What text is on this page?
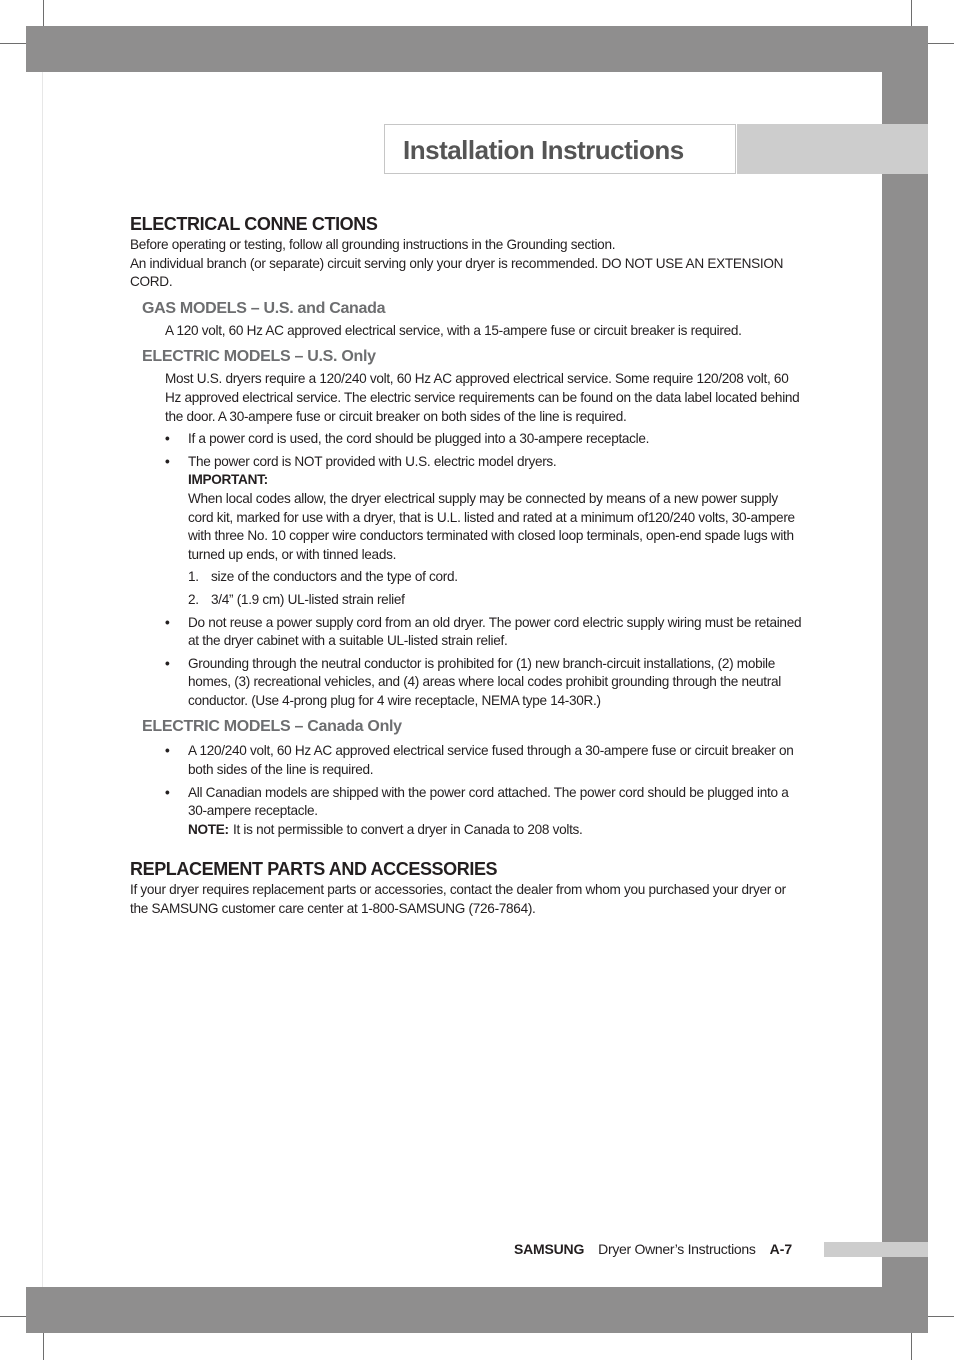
Installation Instructions
ELECTRICAL CONNE CTIONS

Before operating or testing, follow all grounding instructions in the Grounding section.

An individual branch (or separate) circuit serving only your dryer is recommended. DO NOT USE AN EXTENSION CORD.

GAS MODELS – U.S. and Canada

A 120 volt, 60 Hz AC approved electrical service, with a 15-ampere fuse or circuit breaker is required.

ELECTRIC MODELS – U.S. Only

Most U.S. dryers require a 120/240 volt, 60 Hz AC approved electrical service. Some require 120/208 volt, 60 Hz approved electrical service. The electric service requirements can be found on the data label located behind the door. A 30-ampere fuse or circuit breaker on both sides of the line is required.

• If a power cord is used, the cord should be plugged into a 30-ampere receptacle.
• The power cord is NOT provided with U.S. electric model dryers.
IMPORTANT:
When local codes allow, the dryer electrical supply may be connected by means of a new power supply cord kit, marked for use with a dryer, that is U.L. listed and rated at a minimum of120/240 volts, 30-ampere with three No. 10 copper wire conductors terminated with closed loop terminals, open-end spade lugs with turned up ends, or with tinned leads.
1. size of the conductors and the type of cord.
2. 3/4” (1.9 cm) UL-listed strain relief
• Do not reuse a power supply cord from an old dryer. The power cord electric supply wiring must be retained at the dryer cabinet with a suitable UL-listed strain relief.
• Grounding through the neutral conductor is prohibited for (1) new branch-circuit installations, (2) mobile homes, (3) recreational vehicles, and (4) areas where local codes prohibit grounding through the neutral conductor. (Use 4-prong plug for 4 wire receptacle, NEMA type 14-30R.)
ELECTRIC MODELS – Canada Only
• A 120/240 volt, 60 Hz AC approved electrical service fused through a 30-ampere fuse or circuit breaker on both sides of the line is required.
• All Canadian models are shipped with the power cord attached. The power cord should be plugged into a 30-ampere receptacle.
NOTE: It is not permissible to convert a dryer in Canada to 208 volts.
REPLACEMENT PARTS AND ACCESSORIES

If your dryer requires replacement parts or accessories, contact the dealer from whom you purchased your dryer or the SAMSUNG customer care center at 1-800-SAMSUNG (726-7864).

SAMSUNG Dryer Owner’s Instructions A-7
